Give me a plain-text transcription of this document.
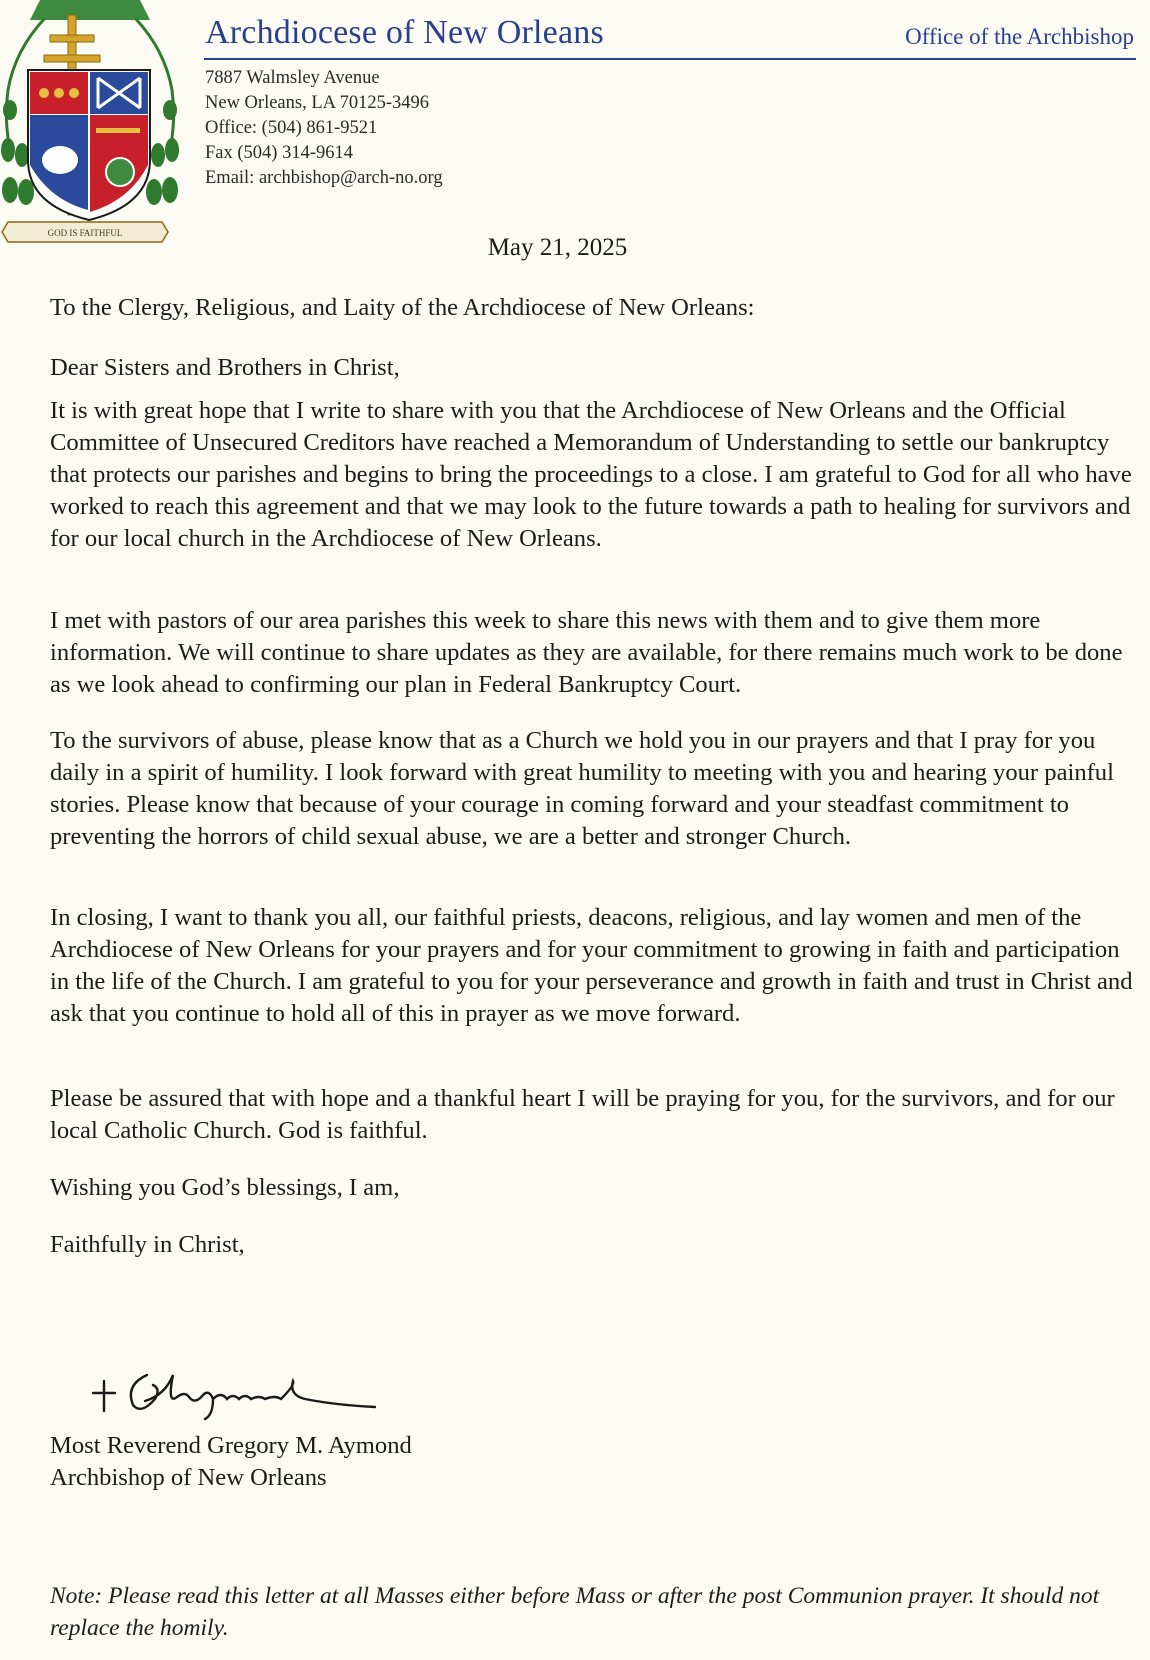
GOD IS FAITHFUL
Archdiocese of New Orleans	Office of the Archbishop
7887 Walmsley Avenue
New Orleans, LA 70125-3496
Office: (504) 861-9521
Fax (504) 314-9614
Email: archbishop@arch-no.org
May 21, 2025
To the Clergy, Religious, and Laity of the Archdiocese of New Orleans:
Dear Sisters and Brothers in Christ,

It is with great hope that I write to share with you that the Archdiocese of New Orleans and the Official Committee of Unsecured Creditors have reached a Memorandum of Understanding to settle our bankruptcy that protects our parishes and begins to bring the proceedings to a close. I am grateful to God for all who have worked to reach this agreement and that we may look to the future towards a path to healing for survivors and for our local church in the Archdiocese of New Orleans.

I met with pastors of our area parishes this week to share this news with them and to give them more information. We will continue to share updates as they are available, for there remains much work to be done as we look ahead to confirming our plan in Federal Bankruptcy Court.

To the survivors of abuse, please know that as a Church we hold you in our prayers and that I pray for you daily in a spirit of humility. I look forward with great humility to meeting with you and hearing your painful stories. Please know that because of your courage in coming forward and your steadfast commitment to preventing the horrors of child sexual abuse, we are a better and stronger Church.

In closing, I want to thank you all, our faithful priests, deacons, religious, and lay women and men of the Archdiocese of New Orleans for your prayers and for your commitment to growing in faith and participation in the life of the Church. I am grateful to you for your perseverance and growth in faith and trust in Christ and ask that you continue to hold all of this in prayer as we move forward.

Please be assured that with hope and a thankful heart I will be praying for you, for the survivors, and for our local Catholic Church. God is faithful.

Wishing you God’s blessings, I am,

Faithfully in Christ,

Most Reverend Gregory M. Aymond
Archbishop of New Orleans
Note: Please read this letter at all Masses either before Mass or after the post Communion prayer. It should not replace the homily.
